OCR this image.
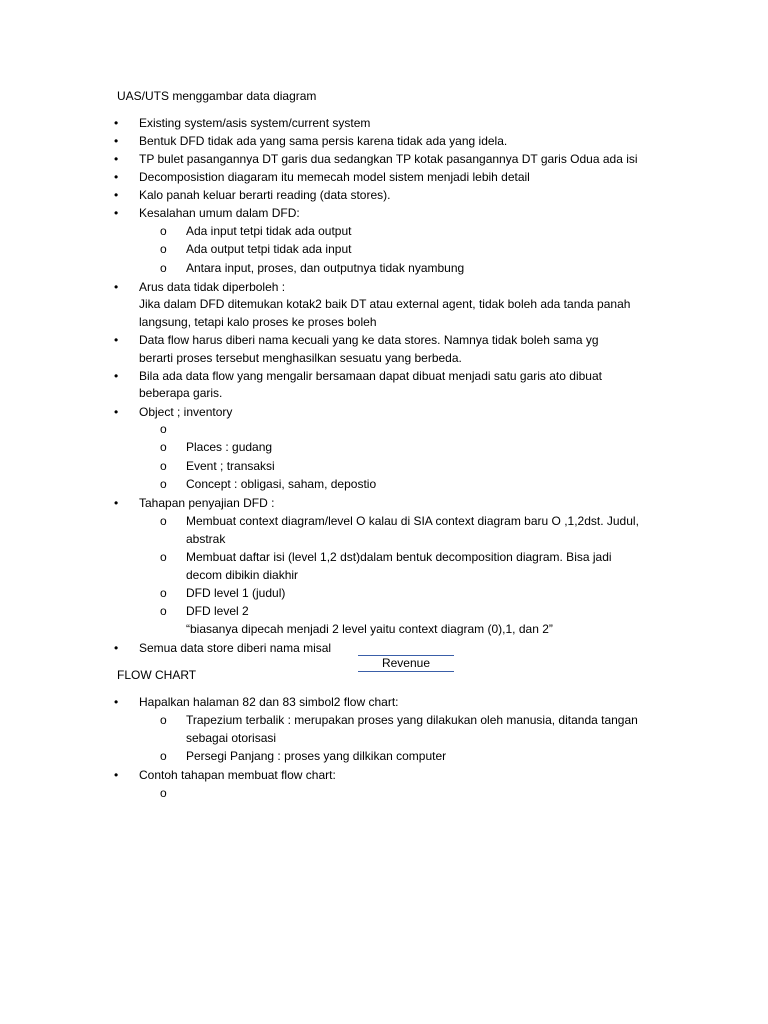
UAS/UTS menggambar data diagram
• Existing system/asis system/current system
• Bentuk DFD tidak ada yang sama persis karena tidak ada yang idela.
• TP bulet pasangannya DT garis dua sedangkan TP kotak pasangannya DT garis Odua ada isi
• Decomposistion diagaram itu memecah model sistem menjadi lebih detail
• Kalo panah keluar berarti reading (data stores).
• Kesalahan umum dalam DFD:
o Ada input tetpi tidak ada output
o Ada output tetpi tidak ada input
o Antara input, proses, dan outputnya tidak nyambung
• Arus data tidak diperboleh :
Jika dalam DFD ditemukan kotak2 baik DT atau external agent, tidak boleh ada tanda panah
langsung, tetapi kalo proses ke proses boleh
• Data flow harus diberi nama kecuali yang ke data stores. Namnya tidak boleh sama yg
berarti proses tersebut menghasilkan sesuatu yang berbeda.
• Bila ada data flow yang mengalir bersamaan dapat dibuat menjadi satu garis ato dibuat
beberapa garis.
• Object ; inventory
o
o Places : gudang
o Event ; transaksi
o Concept : obligasi, saham, depostio
• Tahapan penyajian DFD :
o Membuat context diagram/level O kalau di SIA context diagram baru O ,1,2dst. Judul,
abstrak
o Membuat daftar isi (level 1,2 dst)dalam bentuk decomposition diagram. Bisa jadi
decom dibikin diakhir
o DFD level 1 (judul)
o DFD level 2
“biasanya dipecah menjadi 2 level yaitu context diagram (0),1, dan 2”
• Semua data store diberi nama misal
Revenue
FLOW CHART
• Hapalkan halaman 82 dan 83 simbol2 flow chart:
o Trapezium terbalik : merupakan proses yang dilakukan oleh manusia, ditanda tangan
sebagai otorisasi
o Persegi Panjang : proses yang dilkikan computer
• Contoh tahapan membuat flow chart:
o
